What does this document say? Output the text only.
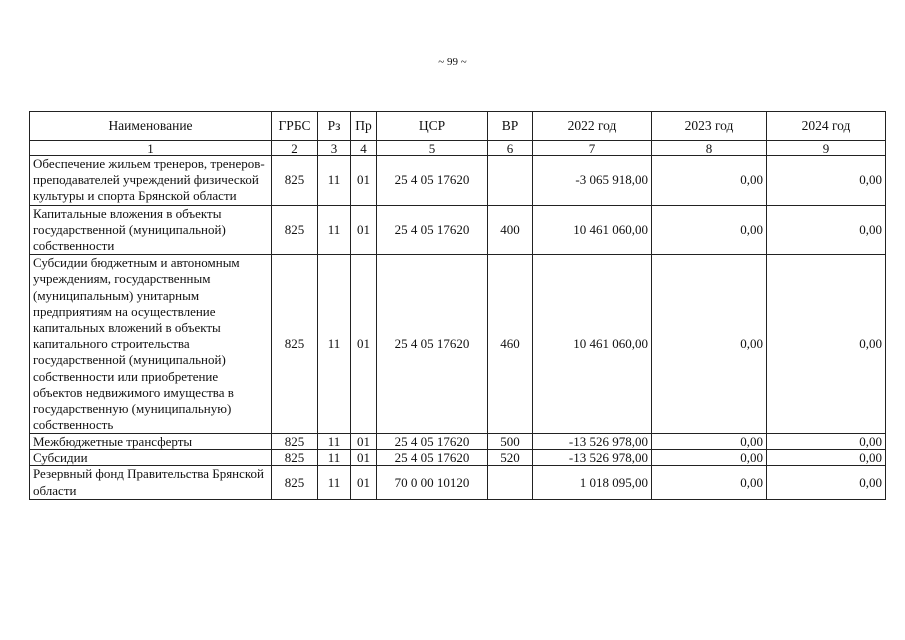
~ 99 ~
Наименование	ГРБС	Рз	Пр	ЦСР	ВР	2022 год	2023 год	2024 год
1	2	3	4	5	6	7	8	9
Обеспечение жильем тренеров, тренеров-преподавателей учреждений физической культуры и спорта Брянской области	825	11	01	25 4 05 17620		-3 065 918,00	0,00	0,00
Капитальные вложения в объекты государственной (муниципальной) собственности	825	11	01	25 4 05 17620	400	10 461 060,00	0,00	0,00
Субсидии бюджетным и автономным учреждениям, государственным (муниципальным) унитарным предприятиям на осуществление капитальных вложений в объекты капитального строительства государственной (муниципальной) собственности или приобретение объектов недвижимого имущества в государственную (муниципальную) собственность	825	11	01	25 4 05 17620	460	10 461 060,00	0,00	0,00
Межбюджетные трансферты	825	11	01	25 4 05 17620	500	-13 526 978,00	0,00	0,00
Субсидии	825	11	01	25 4 05 17620	520	-13 526 978,00	0,00	0,00
Резервный фонд Правительства Брянской области	825	11	01	70 0 00 10120		1 018 095,00	0,00	0,00
